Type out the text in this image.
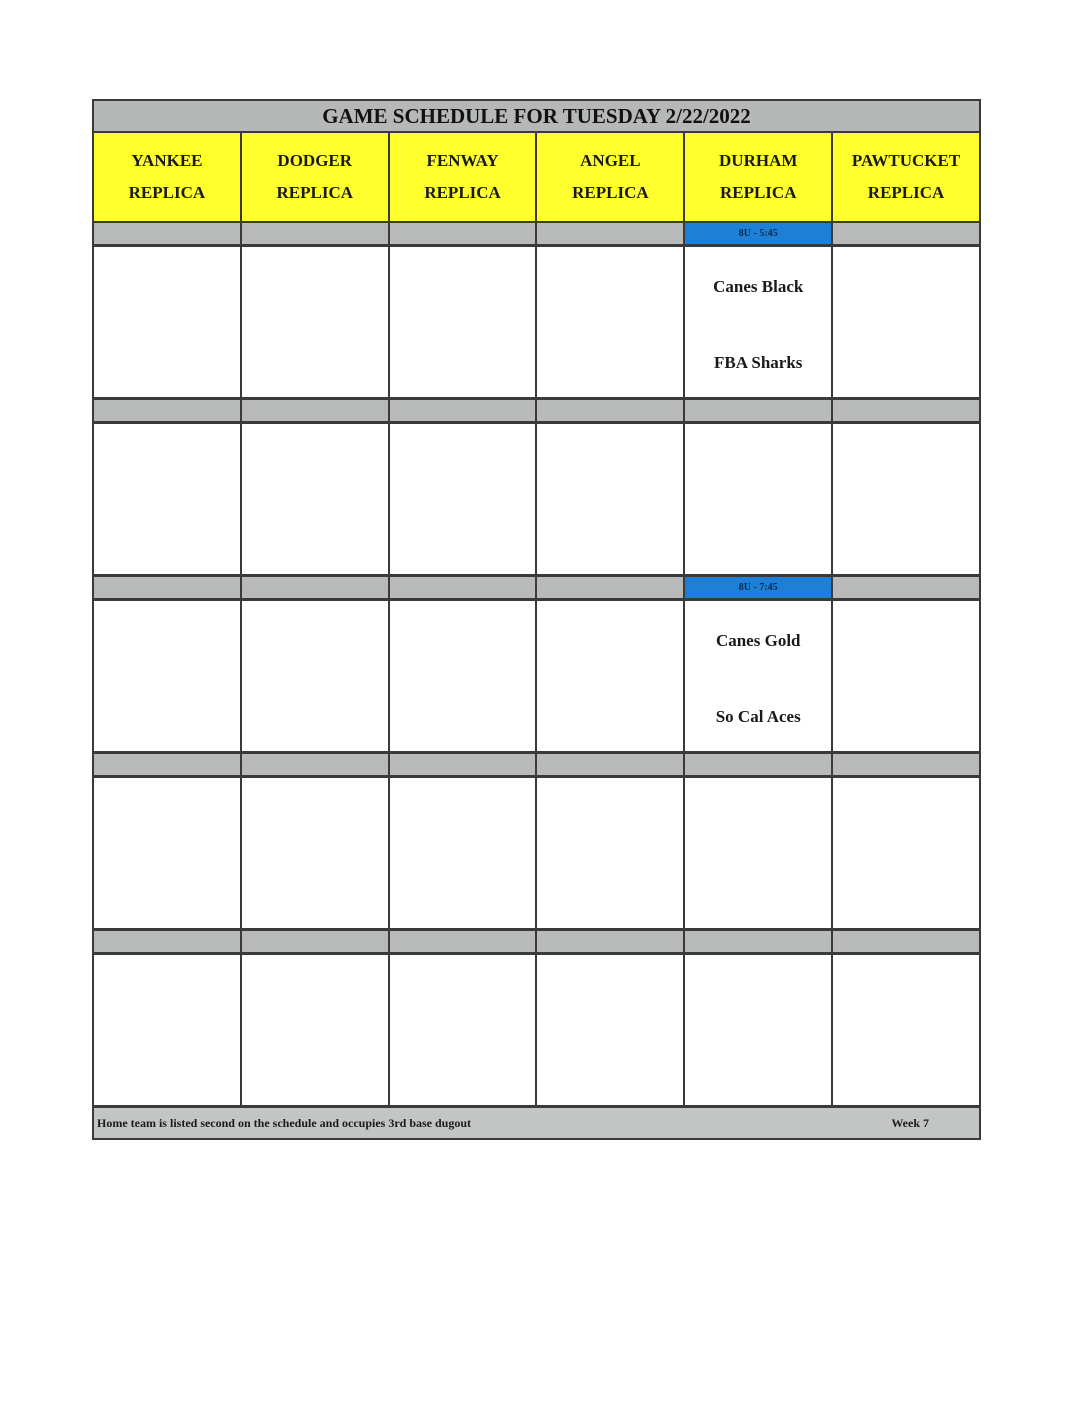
GAME SCHEDULE FOR TUESDAY 2/22/2022
YANKEE
REPLICA
DODGER
REPLICA
FENWAY
REPLICA
ANGEL
REPLICA
DURHAM
REPLICA
PAWTUCKET
REPLICA
8U - 5:45
Canes Black
FBA Sharks
8U - 7:45
Canes Gold
So Cal Aces
Home team is listed second on the schedule and occupies 3rd base dugout	Week 7
